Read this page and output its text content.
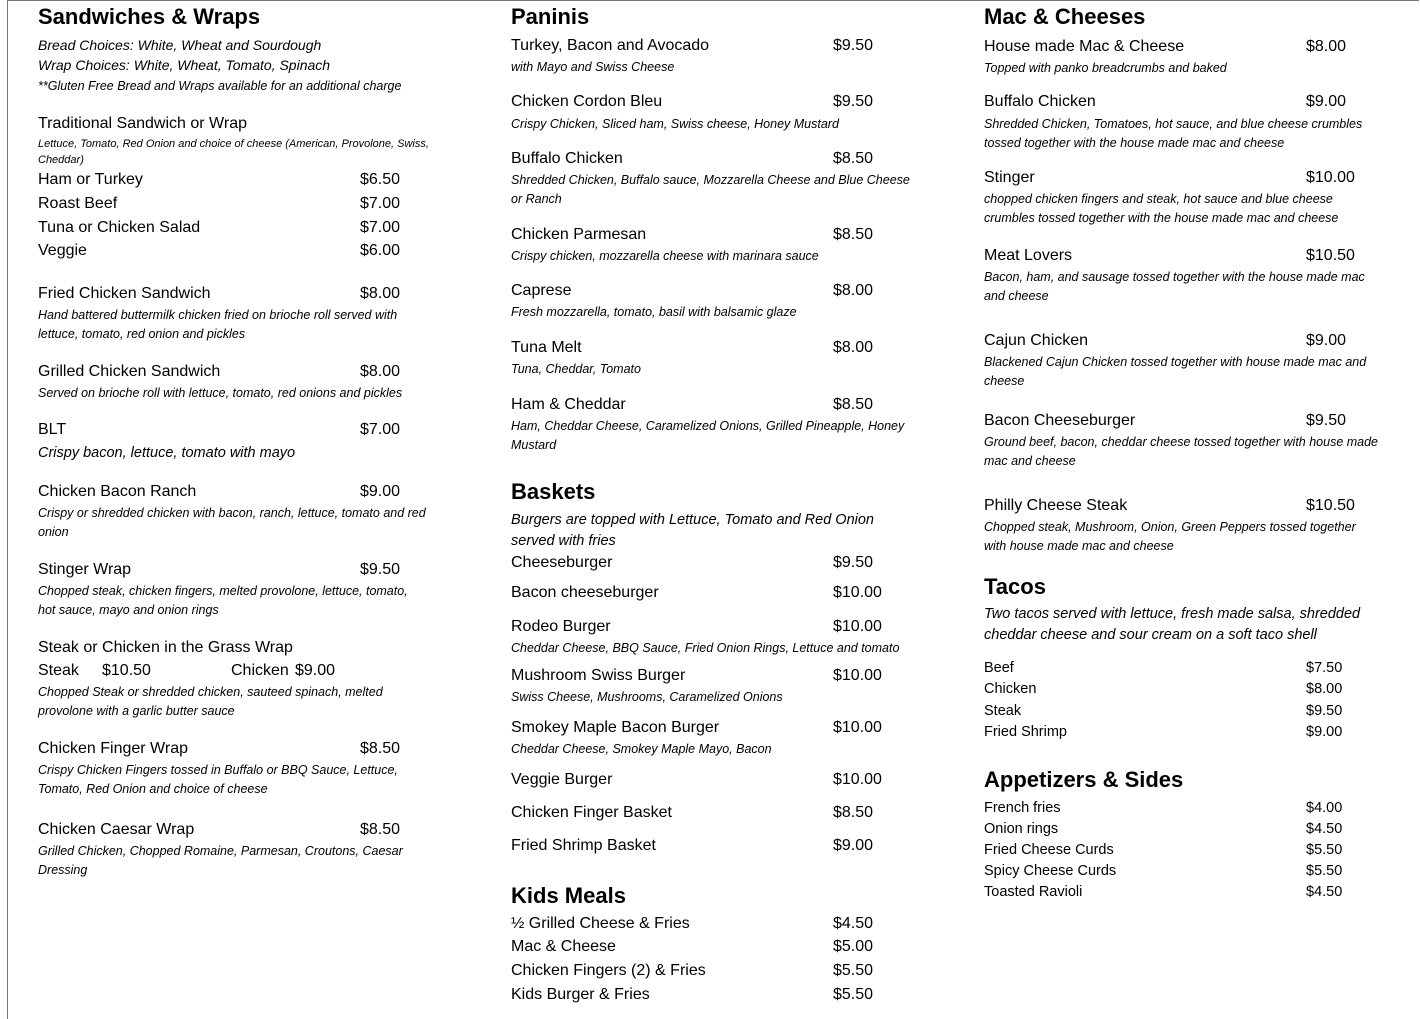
Sandwiches & Wraps
Bread Choices: White, Wheat and Sourdough
Wrap Choices: White, Wheat, Tomato, Spinach
**Gluten Free Bread and Wraps available for an additional charge
Traditional Sandwich or Wrap
Lettuce, Tomato, Red Onion and choice of cheese (American, Provolone, Swiss,
Cheddar)
Ham or Turkey	$6.50
Roast Beef	$7.00
Tuna or Chicken Salad	$7.00
Veggie	$6.00
Fried Chicken Sandwich	$8.00
Hand battered buttermilk chicken fried on brioche roll served with
lettuce, tomato, red onion and pickles
Grilled Chicken Sandwich	$8.00
Served on brioche roll with lettuce, tomato, red onions and pickles
BLT	$7.00
Crispy bacon, lettuce, tomato with mayo
Chicken Bacon Ranch	$9.00
Crispy or shredded chicken with bacon, ranch, lettuce, tomato and red
onion
Stinger Wrap	$9.50
Chopped steak, chicken fingers, melted provolone, lettuce, tomato,
hot sauce, mayo and onion rings
Steak or Chicken in the Grass Wrap
Steak $10.50	Chicken $9.00
Chopped Steak or shredded chicken, sauteed spinach, melted
provolone with a garlic butter sauce
Chicken Finger Wrap	$8.50
Crispy Chicken Fingers tossed in Buffalo or BBQ Sauce, Lettuce,
Tomato, Red Onion and choice of cheese
Chicken Caesar Wrap	$8.50
Grilled Chicken, Chopped Romaine, Parmesan, Croutons, Caesar
Dressing
Paninis
Turkey, Bacon and Avocado	$9.50
with Mayo and Swiss Cheese
Chicken Cordon Bleu	$9.50
Crispy Chicken, Sliced ham, Swiss cheese, Honey Mustard
Buffalo Chicken	$8.50
Shredded Chicken, Buffalo sauce, Mozzarella Cheese and Blue Cheese
or Ranch
Chicken Parmesan	$8.50
Crispy chicken, mozzarella cheese with marinara sauce
Caprese	$8.00
Fresh mozzarella, tomato, basil with balsamic glaze
Tuna Melt	$8.00
Tuna, Cheddar, Tomato
Ham & Cheddar	$8.50
Ham, Cheddar Cheese, Caramelized Onions, Grilled Pineapple, Honey
Mustard
Baskets
Burgers are topped with Lettuce, Tomato and Red Onion
served with fries
Cheeseburger	$9.50
Bacon cheeseburger	$10.00
Rodeo Burger	$10.00
Cheddar Cheese, BBQ Sauce, Fried Onion Rings, Lettuce and tomato
Mushroom Swiss Burger	$10.00
Swiss Cheese, Mushrooms, Caramelized Onions
Smokey Maple Bacon Burger	$10.00
Cheddar Cheese, Smokey Maple Mayo, Bacon
Veggie Burger	$10.00
Chicken Finger Basket	$8.50
Fried Shrimp Basket	$9.00
Kids Meals
½ Grilled Cheese & Fries	$4.50
Mac & Cheese	$5.00
Chicken Fingers (2) & Fries	$5.50
Kids Burger & Fries	$5.50
Mac & Cheeses
House made Mac & Cheese	$8.00
Topped with panko breadcrumbs and baked
Buffalo Chicken	$9.00
Shredded Chicken, Tomatoes, hot sauce, and blue cheese crumbles
tossed together with the house made mac and cheese
Stinger	$10.00
chopped chicken fingers and steak, hot sauce and blue cheese
crumbles tossed together with the house made mac and cheese
Meat Lovers	$10.50
Bacon, ham, and sausage tossed together with the house made mac
and cheese
Cajun Chicken	$9.00
Blackened Cajun Chicken tossed together with house made mac and
cheese
Bacon Cheeseburger	$9.50
Ground beef, bacon, cheddar cheese tossed together with house made
mac and cheese
Philly Cheese Steak	$10.50
Chopped steak, Mushroom, Onion, Green Peppers tossed together
with house made mac and cheese
Tacos
Two tacos served with lettuce, fresh made salsa, shredded
cheddar cheese and sour cream on a soft taco shell
Beef	$7.50
Chicken	$8.00
Steak	$9.50
Fried Shrimp	$9.00
Appetizers & Sides
French fries	$4.00
Onion rings	$4.50
Fried Cheese Curds	$5.50
Spicy Cheese Curds	$5.50
Toasted Ravioli	$4.50
